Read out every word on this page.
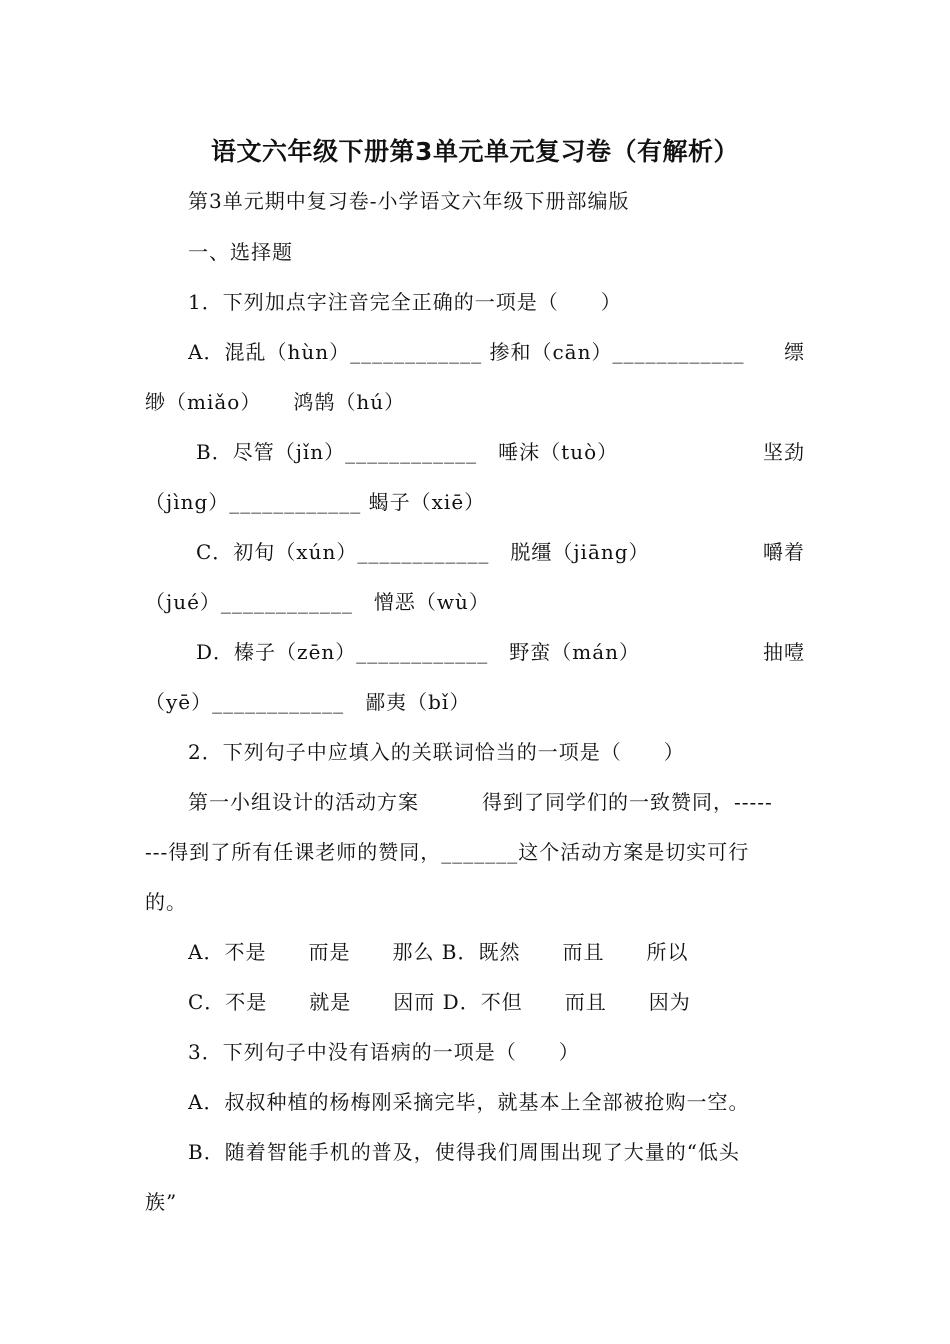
语文六年级下册第3单元单元复习卷（有解析）
第3单元期中复习卷-小学语文六年级下册部编版
一、选择题
1．下列加点字注音完全正确的一项是（　　）
A．混乱（hùn）____________ 掺和（cān）____________ 缥
缈（miǎo）　　鸿鹄（hú）
B．尽管（jǐn）____________　唾沫（tuò）	坚劲
（jìng）____________ 蝎子（xiē）
C．初旬（xún）____________　脱缰（jiāng）	嚼着
（jué）____________　憎恶（wù）
D．榛子（zēn）____________　野蛮（mán）	抽噎
（yē）____________　鄙夷（bǐ）
2．下列句子中应填入的关联词恰当的一项是（　　）
第一小组设计的活动方案　　　得到了同学们的一致赞同，-----
---得到了所有任课老师的赞同，_______这个活动方案是切实可行
的。
A．不是　　而是　　那么 B．既然　　而且　　所以
C．不是　　就是　　因而 D．不但　　而且　　因为
3．下列句子中没有语病的一项是（　　）
A．叔叔种植的杨梅刚采摘完毕，就基本上全部被抢购一空。
B．随着智能手机的普及，使得我们周围出现了大量的“低头
族”
